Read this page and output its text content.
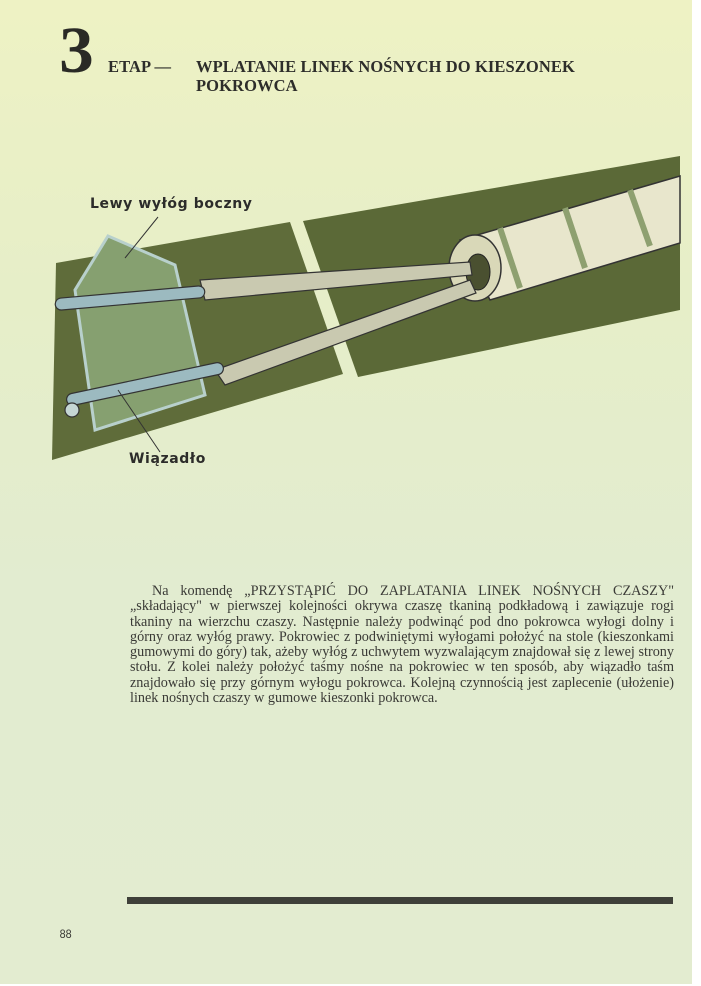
3 ETAP — WPLATANIE LINEK NOŚNYCH DO KIESZONEK
POKROWCA
Lewy wyłóg boczny
Wiązadło

Na komendę „PRZYSTĄPIĆ DO ZAPLATANIA LINEK NOŚNYCH CZASZY" „składający" w pierwszej kolejności okrywa czaszę tkaniną podkładową i zawiązuje rogi tkaniny na wierzchu czaszy. Następnie należy podwinąć pod dno pokrowca wyłogi dolny i górny oraz wyłóg prawy. Pokrowiec z podwiniętymi wyłogami położyć na stole (kieszonkami gumowymi do góry) tak, ażeby wyłóg z uchwytem wyzwalającym znajdował się z lewej strony stołu. Z kolei należy położyć taśmy nośne na pokrowiec w ten sposób, aby wiązadło taśm znajdowało się przy górnym wyłogu pokrowca. Kolejną czynnością jest zaplecenie (ułożenie) linek nośnych czaszy w gumowe kieszonki pokrowca.

88
